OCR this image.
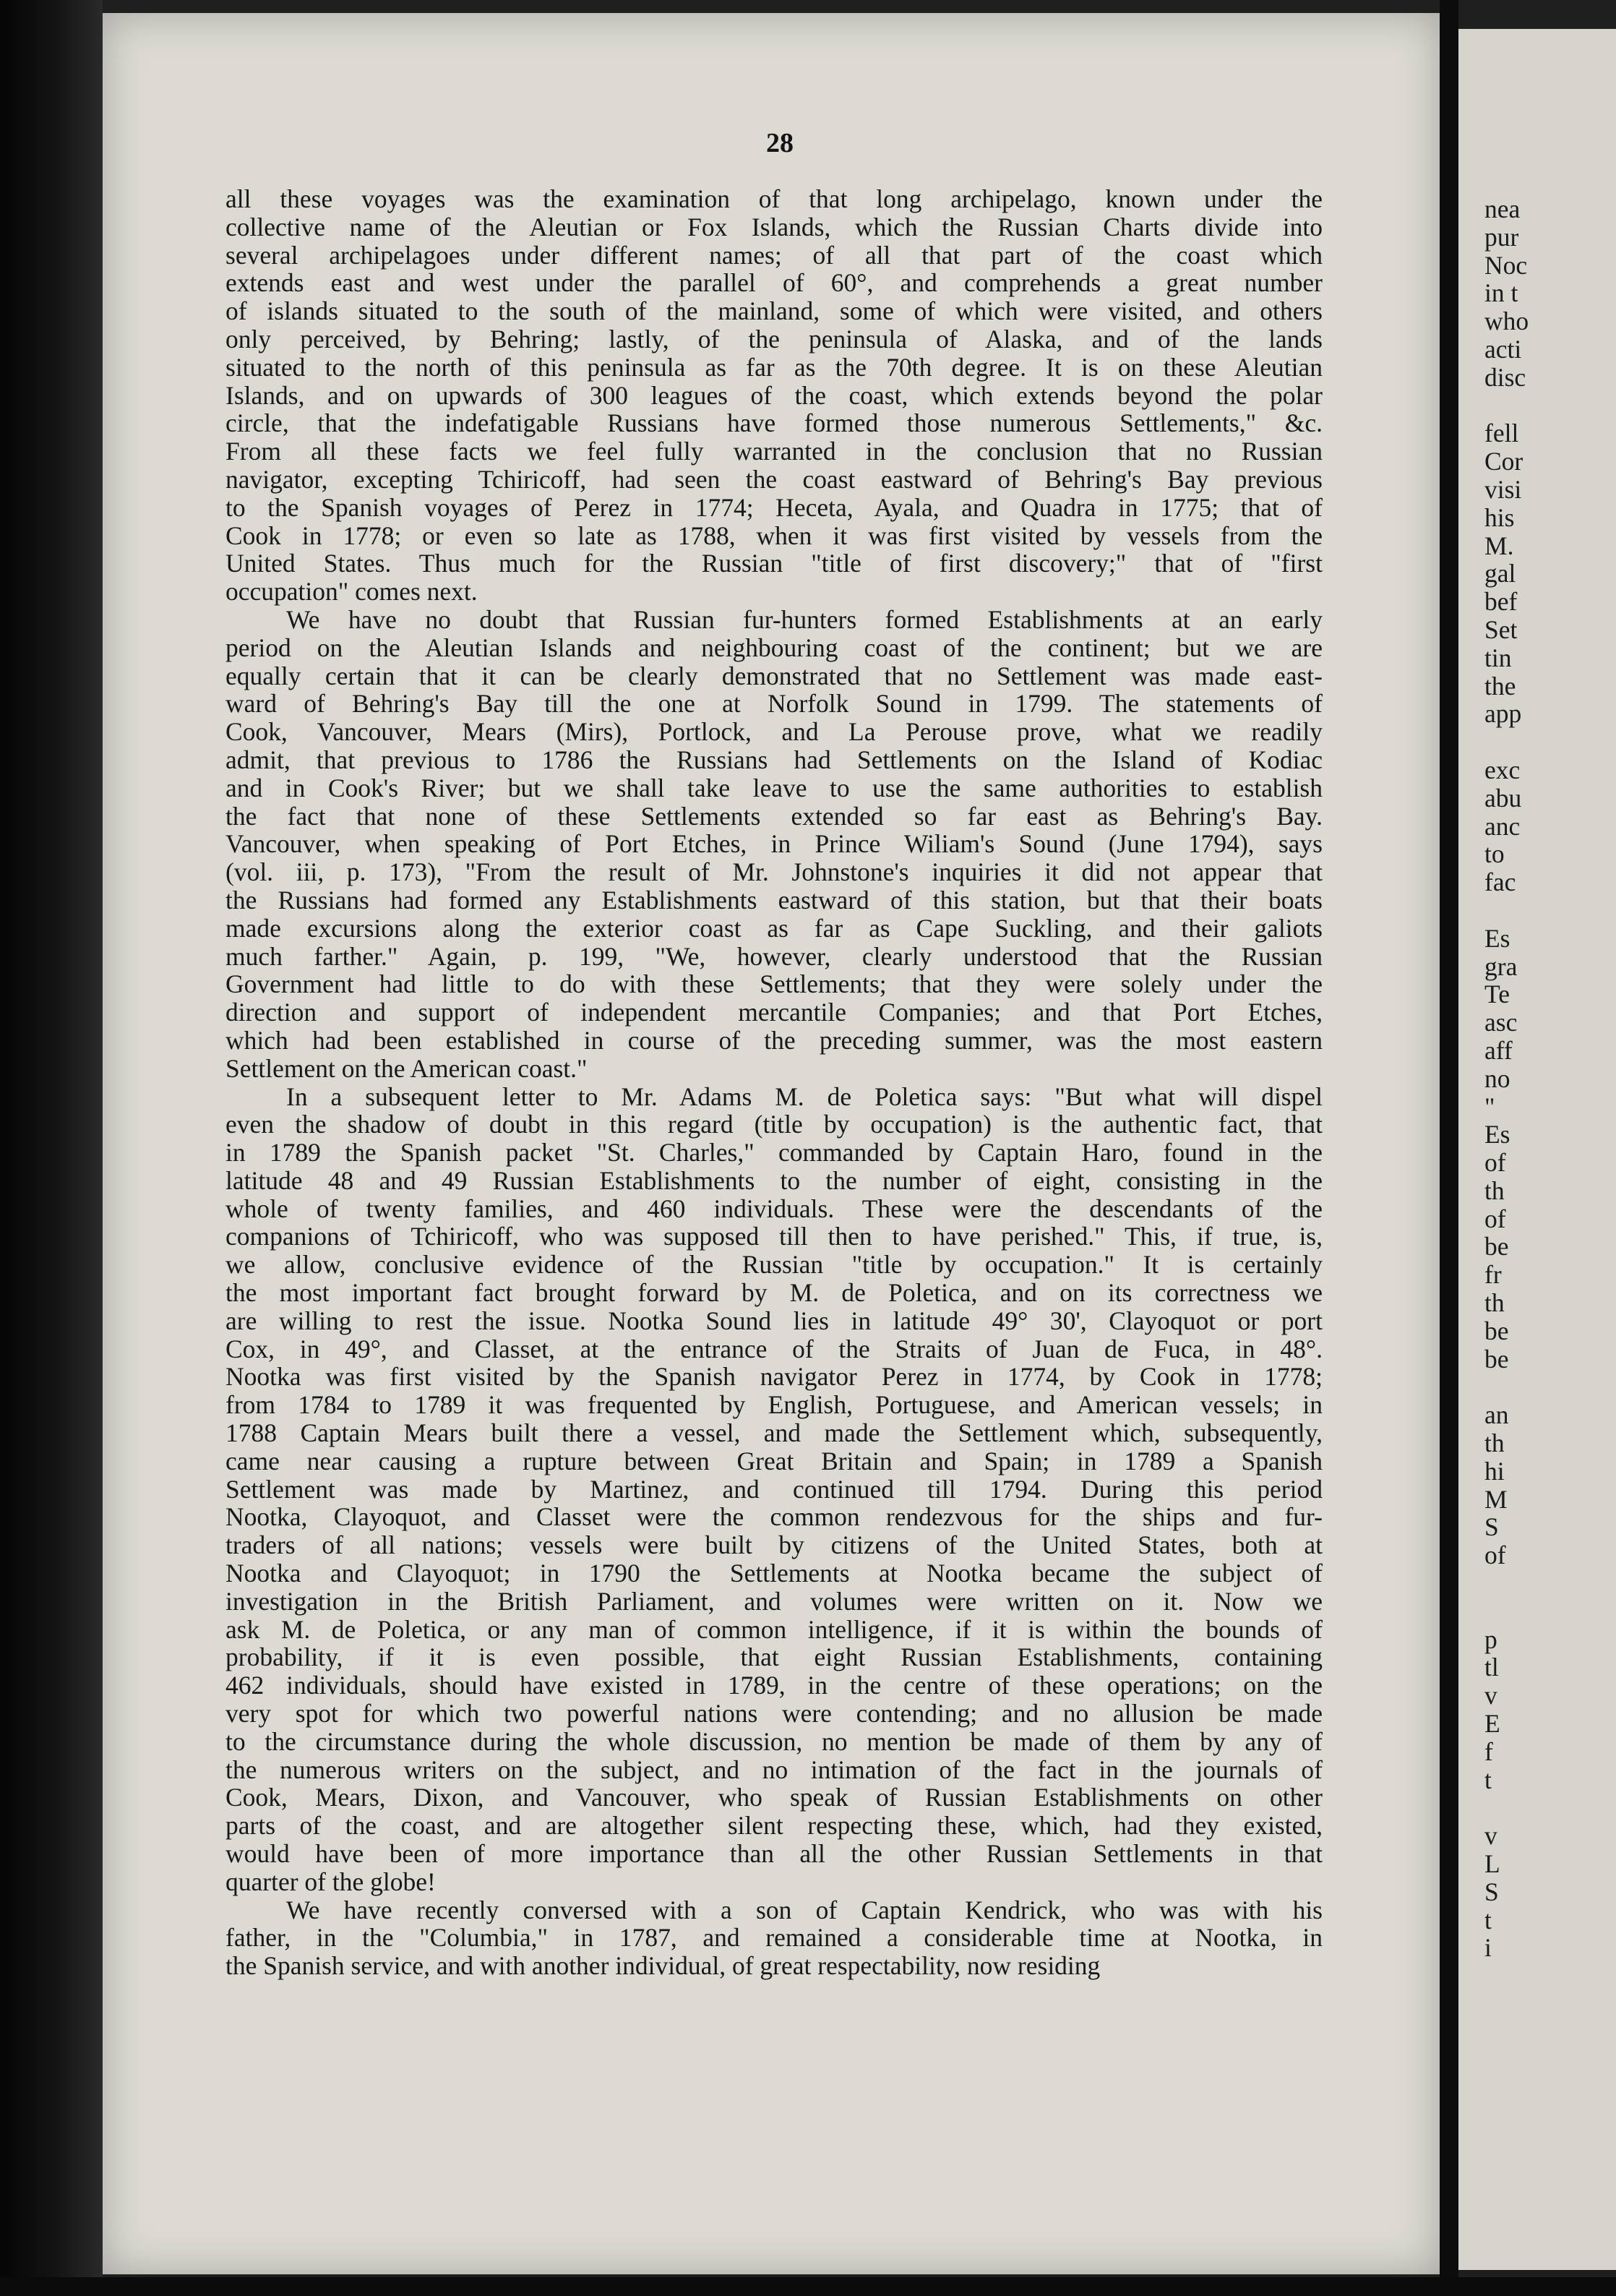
28
all these voyages was the examination of that long archipelago, known under the
collective name of the Aleutian or Fox Islands, which the Russian Charts divide into
several archipelagoes under different names; of all that part of the coast which
extends east and west under the parallel of 60°, and comprehends a great number
of islands situated to the south of the mainland, some of which were visited, and others
only perceived, by Behring; lastly, of the peninsula of Alaska, and of the lands
situated to the north of this peninsula as far as the 70th degree. It is on these Aleutian
Islands, and on upwards of 300 leagues of the coast, which extends beyond the polar
circle, that the indefatigable Russians have formed those numerous Settlements," &c.
From all these facts we feel fully warranted in the conclusion that no Russian
navigator, excepting Tchiricoff, had seen the coast eastward of Behring's Bay previous
to the Spanish voyages of Perez in 1774; Heceta, Ayala, and Quadra in 1775; that of
Cook in 1778; or even so late as 1788, when it was first visited by vessels from the
United States. Thus much for the Russian "title of first discovery;" that of "first
occupation" comes next.
We have no doubt that Russian fur-hunters formed Establishments at an early
period on the Aleutian Islands and neighbouring coast of the continent; but we are
equally certain that it can be clearly demonstrated that no Settlement was made east-
ward of Behring's Bay till the one at Norfolk Sound in 1799. The statements of
Cook, Vancouver, Mears (Mirs), Portlock, and La Perouse prove, what we readily
admit, that previous to 1786 the Russians had Settlements on the Island of Kodiac
and in Cook's River; but we shall take leave to use the same authorities to establish
the fact that none of these Settlements extended so far east as Behring's Bay.
Vancouver, when speaking of Port Etches, in Prince Wiliam's Sound (June 1794), says
(vol. iii, p. 173), "From the result of Mr. Johnstone's inquiries it did not appear that
the Russians had formed any Establishments eastward of this station, but that their boats
made excursions along the exterior coast as far as Cape Suckling, and their galiots
much farther." Again, p. 199, "We, however, clearly understood that the Russian
Government had little to do with these Settlements; that they were solely under the
direction and support of independent mercantile Companies; and that Port Etches,
which had been established in course of the preceding summer, was the most eastern
Settlement on the American coast."
In a subsequent letter to Mr. Adams M. de Poletica says: "But what will dispel
even the shadow of doubt in this regard (title by occupation) is the authentic fact, that
in 1789 the Spanish packet "St. Charles," commanded by Captain Haro, found in the
latitude 48 and 49 Russian Establishments to the number of eight, consisting in the
whole of twenty families, and 460 individuals. These were the descendants of the
companions of Tchiricoff, who was supposed till then to have perished." This, if true, is,
we allow, conclusive evidence of the Russian "title by occupation." It is certainly
the most important fact brought forward by M. de Poletica, and on its correctness we
are willing to rest the issue. Nootka Sound lies in latitude 49° 30', Clayoquot or port
Cox, in 49°, and Classet, at the entrance of the Straits of Juan de Fuca, in 48°.
Nootka was first visited by the Spanish navigator Perez in 1774, by Cook in 1778;
from 1784 to 1789 it was frequented by English, Portuguese, and American vessels; in
1788 Captain Mears built there a vessel, and made the Settlement which, subsequently,
came near causing a rupture between Great Britain and Spain; in 1789 a Spanish
Settlement was made by Martinez, and continued till 1794. During this period
Nootka, Clayoquot, and Classet were the common rendezvous for the ships and fur-
traders of all nations; vessels were built by citizens of the United States, both at
Nootka and Clayoquot; in 1790 the Settlements at Nootka became the subject of
investigation in the British Parliament, and volumes were written on it. Now we
ask M. de Poletica, or any man of common intelligence, if it is within the bounds of
probability, if it is even possible, that eight Russian Establishments, containing
462 individuals, should have existed in 1789, in the centre of these operations; on the
very spot for which two powerful nations were contending; and no allusion be made
to the circumstance during the whole discussion, no mention be made of them by any of
the numerous writers on the subject, and no intimation of the fact in the journals of
Cook, Mears, Dixon, and Vancouver, who speak of Russian Establishments on other
parts of the coast, and are altogether silent respecting these, which, had they existed,
would have been of more importance than all the other Russian Settlements in that
quarter of the globe!
We have recently conversed with a son of Captain Kendrick, who was with his
father, in the "Columbia," in 1787, and remained a considerable time at Nootka, in
the Spanish service, and with another individual, of great respectability, now residing
nea
pur
Noc
in t
who
acti
disc
fell
Cor
visi
his
M.
gal
bef
Set
tin
the
app
exc
abu
anc
to
fac
Es
gra
Te
asc
aff
no
"
Es
of
th
of
be
fr
th
be
be
an
th
hi
M
S
of
p
tl
v
E
f
t
v
L
S
t
i
